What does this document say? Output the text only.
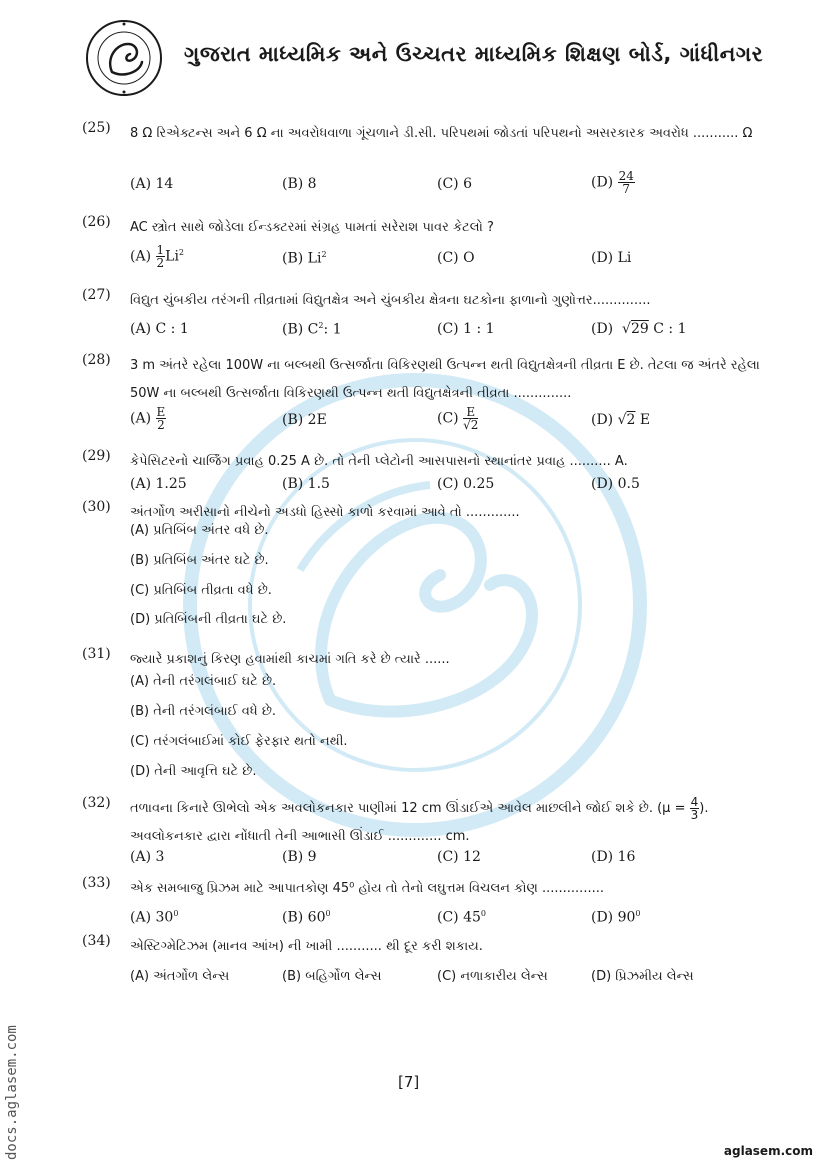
ગુજરાત માધ્યમિક અને ઉચ્ચતર માધ્યમિક શિક્ષણ બોર્ડ, ગાંધીનગર
(25) 8 Ω રિએક્ટન્સ અને 6 Ω ના અવરોધવાળા ગૂંચળાને ડી.સી. પરિપથમાં જોડતાં પરિપથનો અસરકારક અવરોધ ........... Ω
(A) 14	(B) 8	(C) 6	$(D) \frac{24}{7}$
(26) AC સ્ત્રોત સાથે જોડેલા ઈન્ડક્ટરમાં સંગ્રહ પામતાં સરેરાશ પાવર કેટલો ?
$(A) \frac{1}{2} Li^2$	(B) Li$^2$	(C) O	(D) Li
(27) વિદ્યુત ચુંબકીય તરંગની તીવ્રતામાં વિદ્યુતક્ષેત્ર અને ચુંબકીય ક્ષેત્રના ઘટકોના ફાળાનો ગુણોત્તર..............
(A) C : 1	(B) $C^2$: 1	(C) 1 : 1	(D)  √29 C : 1
(28) 3 m અંતરે રહેલા 100W ના બલ્બથી ઉત્સર્જાતા વિકિરણથી ઉત્પન્ન થતી વિદ્યુતક્ષેત્રની તીવ્રતા E છે. તેટલા જ અંતરે રહેલા 50W ના બલ્બથી ઉત્સર્જાતા વિકિરણથી ઉત્પન્ન થતી વિદ્યુતક્ષેત્રની તીવ્રતા ..............
$(A) \frac{E}{2}$	(B) 2E	$(C) \frac{E}{√2}$	(D) √2 E
(29) કેપેસિટરનો ચાર્જિંગ પ્રવાહ 0.25 A છે. તો તેની પ્લેટોની આસપાસનો સ્થાનાંતર પ્રવાહ .......... A.
(A) 1.25	(B) 1.5	(C) 0.25	(D) 0.5
(30) અંતર્ગોળ અરીસાનો નીચેનો અડધો હિસ્સો કાળો કરવામાં આવે તો .............
(A) પ્રતિબિંબ અંતર વધે છે.
(B) પ્રતિબિંબ અંતર ઘટે છે.
(C) પ્રતિબિંબ તીવ્રતા વધે છે.
(D) પ્રતિબિંબની તીવ્રતા ઘટે છે.
(31) જ્યારે પ્રકાશનું કિરણ હવામાંથી કાચમાં ગતિ કરે છે ત્યારે ......
(A) તેની તરંગલંબાઈ ઘટે છે.
(B) તેની તરંગલંબાઈ વધે છે.
(C) તરંગલંબાઈમાં કોઈ ફેરફાર થતો નથી.
(D) તેની આવૃત્તિ ઘટે છે.
(32) તળાવના કિનારે ઊભેલો એક અવલોકનકાર પાણીમાં 12 cm ઊંડાઈએ આવેલ માછલીને જોઈ શકે છે. ($\mu = \frac{4}{3}$ ). અવલોકનકાર દ્વારા નોંધાતી તેની આભાસી ઊંડાઈ ............. cm.
(A) 3	(B) 9	(C) 12	(D) 16
(33) એક સમબાજુ પ્રિઝમ માટે આપાતકોણ 45⁰ હોય તો તેનો લઘુત્તમ વિચલન કોણ ...............
(A) $30^0$	(B) $60^0$	(C) $45^0$	(D) $90^0$
(34) એસ્ટિગ્મેટિઝમ (માનવ આંખ) ની ખામી ........... થી દૂર કરી શકાય.
(A) અંતર્ગોળ લેન્સ	(B) બહિર્ગોળ લેન્સ	(C) નળાકારીય લેન્સ	(D) પ્રિઝમીય લેન્સ
[7]
docs.aglasem.com	aglasem.com
